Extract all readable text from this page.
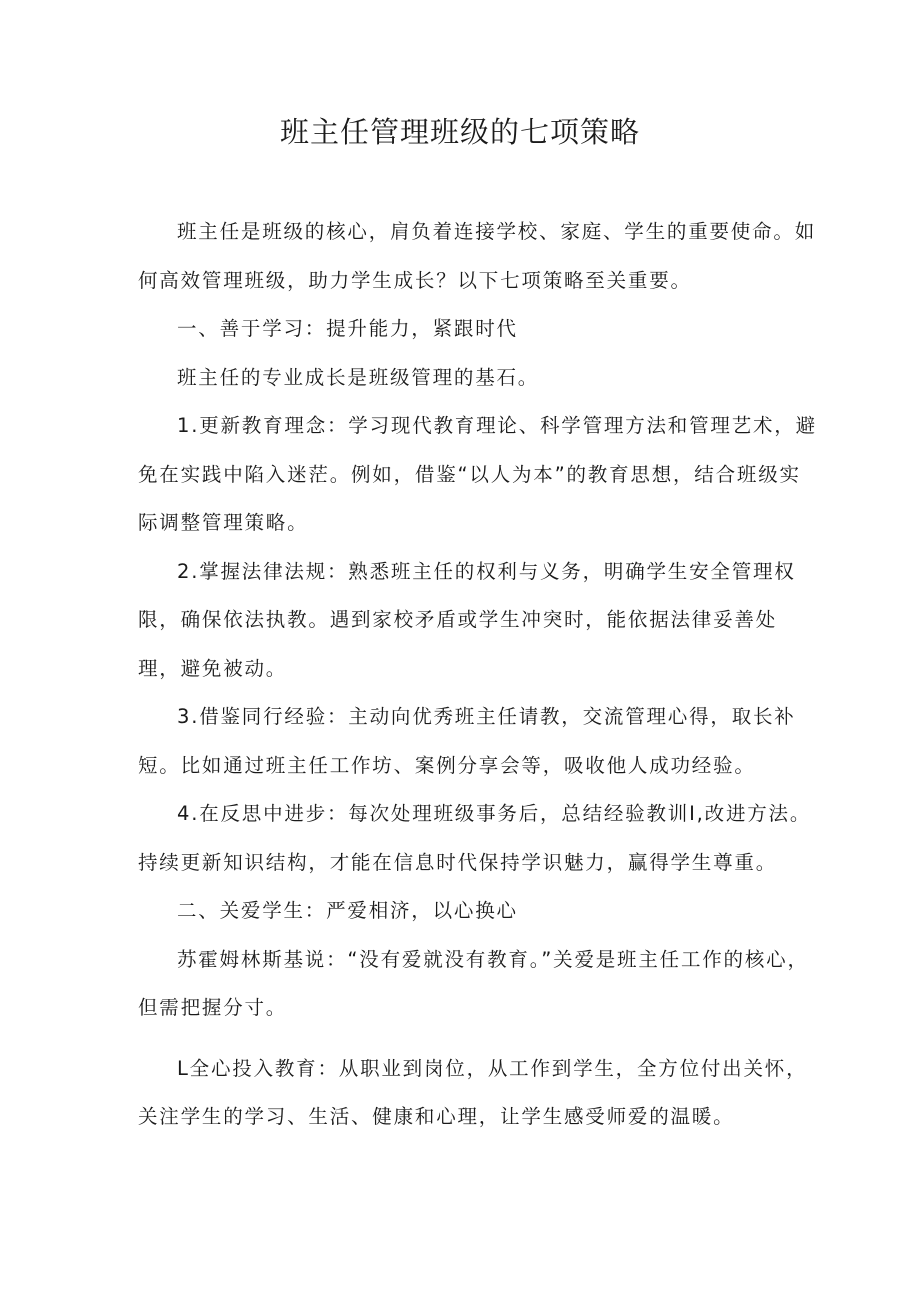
班主任管理班级的七项策略

班主任是班级的核心，肩负着连接学校、家庭、学生的重要使命。如何高效管理班级，助力学生成长？以下七项策略至关重要。

一、善于学习：提升能力，紧跟时代

班主任的专业成长是班级管理的基石。

1.更新教育理念：学习现代教育理论、科学管理方法和管理艺术，避免在实践中陷入迷茫。例如，借鉴“以人为本”的教育思想，结合班级实际调整管理策略。

2.掌握法律法规：熟悉班主任的权利与义务，明确学生安全管理权限，确保依法执教。遇到家校矛盾或学生冲突时，能依据法律妥善处理，避免被动。

3.借鉴同行经验：主动向优秀班主任请教，交流管理心得，取长补短。比如通过班主任工作坊、案例分享会等，吸收他人成功经验。

4.在反思中进步：每次处理班级事务后，总结经验教训I,改进方法。持续更新知识结构，才能在信息时代保持学识魅力，赢得学生尊重。

二、关爱学生：严爱相济，以心换心

苏霍姆林斯基说：“没有爱就没有教育。”关爱是班主任工作的核心，但需把握分寸。

L全心投入教育：从职业到岗位，从工作到学生，全方位付出关怀，关注学生的学习、生活、健康和心理，让学生感受师爱的温暖。
